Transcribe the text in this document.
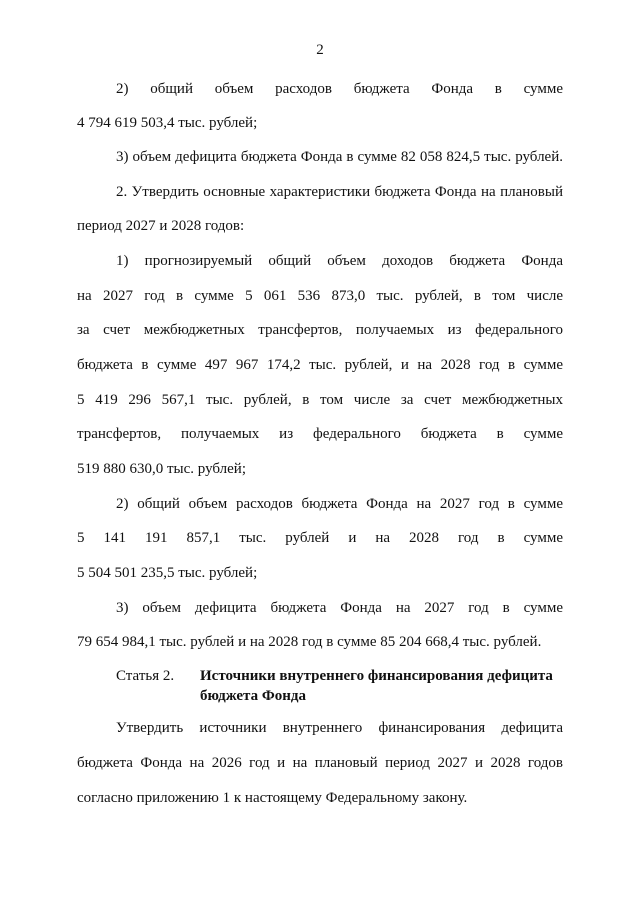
2
2) общий объем расходов бюджета Фонда в сумме
4 794 619 503,4 тыс. рублей;
3) объем дефицита бюджета Фонда в сумме 82 058 824,5 тыс. рублей.
2. Утвердить основные характеристики бюджета Фонда на плановый
период 2027 и 2028 годов:
1) прогнозируемый общий объем доходов бюджета Фонда
на 2027 год в сумме 5 061 536 873,0 тыс. рублей, в том числе
за счет межбюджетных трансфертов, получаемых из федерального
бюджета в сумме 497 967 174,2 тыс. рублей, и на 2028 год в сумме
5 419 296 567,1 тыс. рублей, в том числе за счет межбюджетных
трансфертов, получаемых из федерального бюджета в сумме
519 880 630,0 тыс. рублей;
2) общий объем расходов бюджета Фонда на 2027 год в сумме
5 141 191 857,1 тыс. рублей и на 2028 год в сумме
5 504 501 235,5 тыс. рублей;
3) объем дефицита бюджета Фонда на 2027 год в сумме
79 654 984,1 тыс. рублей и на 2028 год в сумме 85 204 668,4 тыс. рублей.
Статья 2. Источники внутреннего финансирования дефицита
бюджета Фонда
Утвердить источники внутреннего финансирования дефицита
бюджета Фонда на 2026 год и на плановый период 2027 и 2028 годов
согласно приложению 1 к настоящему Федеральному закону.
